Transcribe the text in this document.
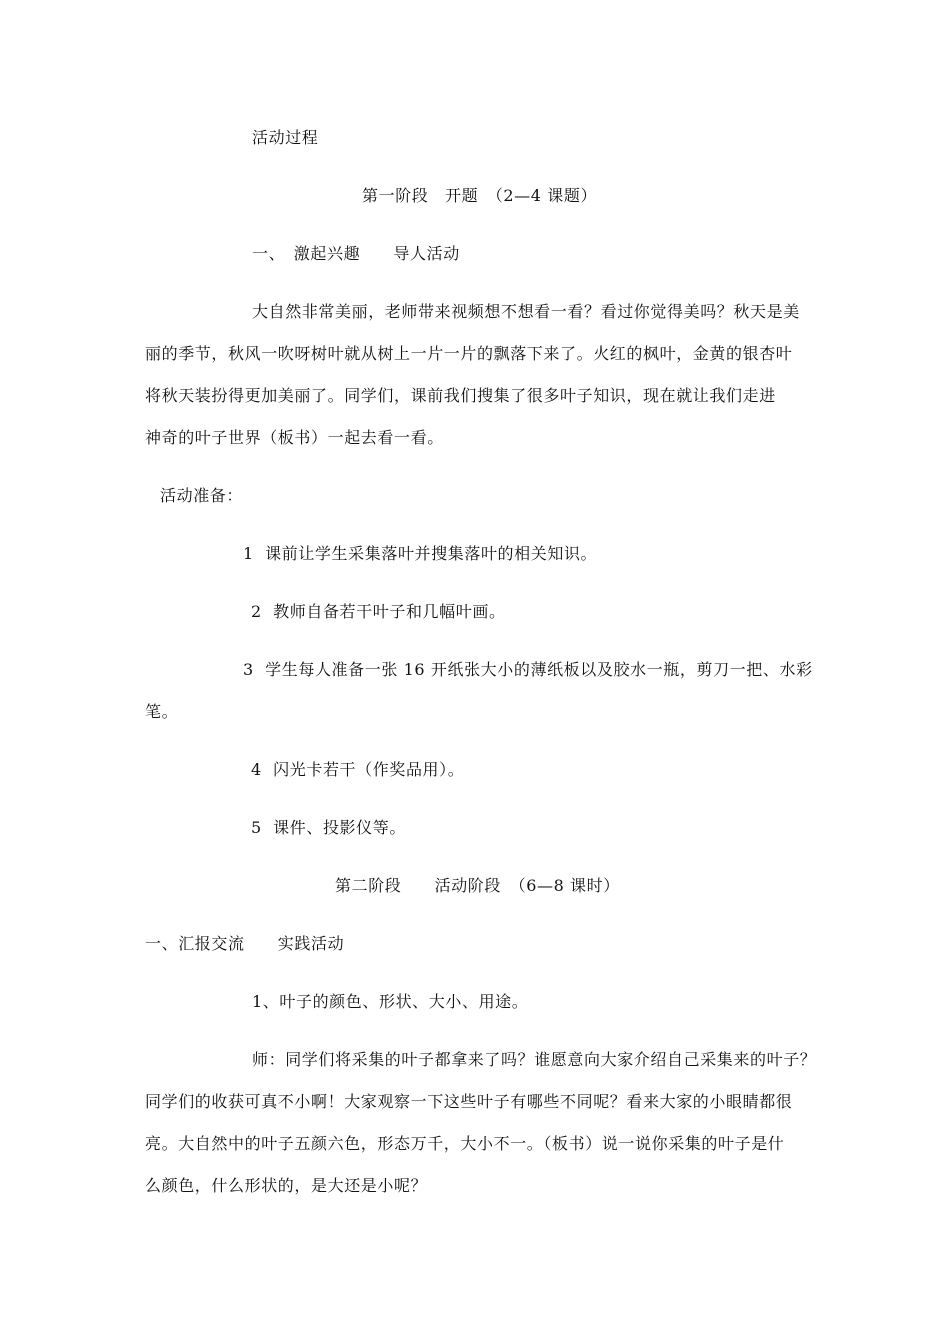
活动过程
第一阶段　开题　（2—4 课题）
一、　激起兴趣　　导人活动
大自然非常美丽，老师带来视频想不想看一看？看过你觉得美吗？秋天是美
丽的季节，秋风一吹呀树叶就从树上一片一片的飘落下来了。火红的枫叶，金黄的银杏叶
将秋天装扮得更加美丽了。同学们，课前我们搜集了很多叶子知识，现在就让我们走进
神奇的叶子世界（板书）一起去看一看。
活动准备：
1  课前让学生采集落叶并搜集落叶的相关知识。
2  教师自备若干叶子和几幅叶画。
3  学生每人准备一张 16 开纸张大小的薄纸板以及胶水一瓶，剪刀一把、水彩
笔。
4  闪光卡若干（作奖品用）。
5  课件、投影仪等。
第二阶段　　活动阶段　（6—8 课时）
一、汇报交流　　实践活动
1、叶子的颜色、形状、大小、用途。
师：同学们将采集的叶子都拿来了吗？谁愿意向大家介绍自己采集来的叶子？
同学们的收获可真不小啊！大家观察一下这些叶子有哪些不同呢？看来大家的小眼睛都很
亮。大自然中的叶子五颜六色，形态万千，大小不一。（板书）说一说你采集的叶子是什
么颜色，什么形状的，是大还是小呢？
